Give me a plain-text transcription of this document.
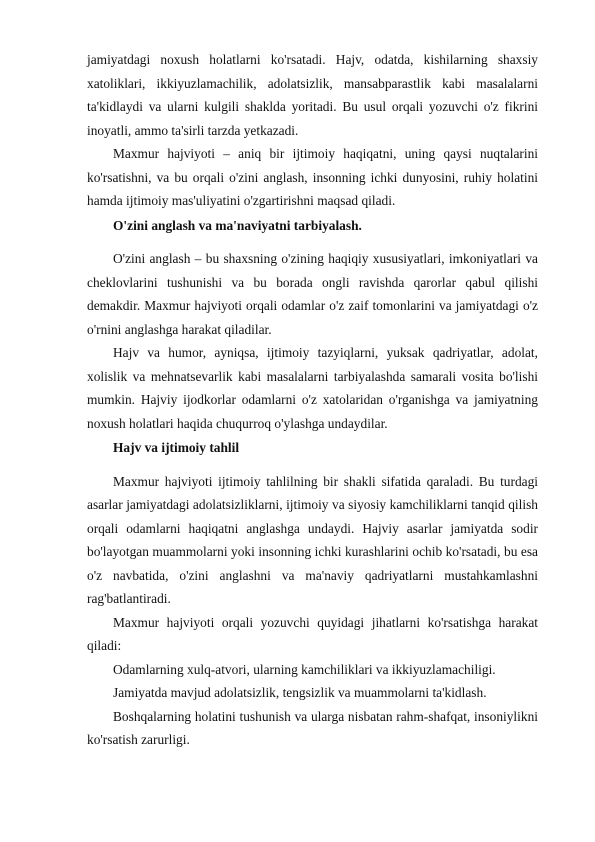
jamiyatdagi noxush holatlarni ko'rsatadi. Hajv, odatda, kishilarning shaxsiy xatoliklari, ikkiyuzlamachilik, adolatsizlik, mansabparastlik kabi masalalarni ta'kidlaydi va ularni kulgili shaklda yoritadi. Bu usul orqali yozuvchi o'z fikrini inoyatli, ammo ta'sirli tarzda yetkazadi.

Maxmur hajviyoti – aniq bir ijtimoiy haqiqatni, uning qaysi nuqtalarini ko'rsatishni, va bu orqali o'zini anglash, insonning ichki dunyosini, ruhiy holatini hamda ijtimoiy mas'uliyatini o'zgartirishni maqsad qiladi.

O'zini anglash va ma'naviyatni tarbiyalash.

O'zini anglash – bu shaxsning o'zining haqiqiy xususiyatlari, imkoniyatlari va cheklovlarini tushunishi va bu borada ongli ravishda qarorlar qabul qilishi demakdir. Maxmur hajviyoti orqali odamlar o'z zaif tomonlarini va jamiyatdagi o'z o'rnini anglashga harakat qiladilar.

Hajv va humor, ayniqsa, ijtimoiy tazyiqlarni, yuksak qadriyatlar, adolat, xolislik va mehnatsevarlik kabi masalalarni tarbiyalashda samarali vosita bo'lishi mumkin. Hajviy ijodkorlar odamlarni o'z xatolaridan o'rganishga va jamiyatning noxush holatlari haqida chuqurroq o'ylashga undaydilar.

Hajv va ijtimoiy tahlil

Maxmur hajviyoti ijtimoiy tahlilning bir shakli sifatida qaraladi. Bu turdagi asarlar jamiyatdagi adolatsizliklarni, ijtimoiy va siyosiy kamchiliklarni tanqid qilish orqali odamlarni haqiqatni anglashga undaydi. Hajviy asarlar jamiyatda sodir bo'layotgan muammolarni yoki insonning ichki kurashlarini ochib ko'rsatadi, bu esa o'z navbatida, o'zini anglashni va ma'naviy qadriyatlarni mustahkamlashni rag'batlantiradi.

Maxmur hajviyoti orqali yozuvchi quyidagi jihatlarni ko'rsatishga harakat qiladi:

Odamlarning xulq-atvori, ularning kamchiliklari va ikkiyuzlamachiligi.

Jamiyatda mavjud adolatsizlik, tengsizlik va muammolarni ta'kidlash.

Boshqalarning holatini tushunish va ularga nisbatan rahm-shafqat, insoniylikni ko'rsatish zarurligi.
